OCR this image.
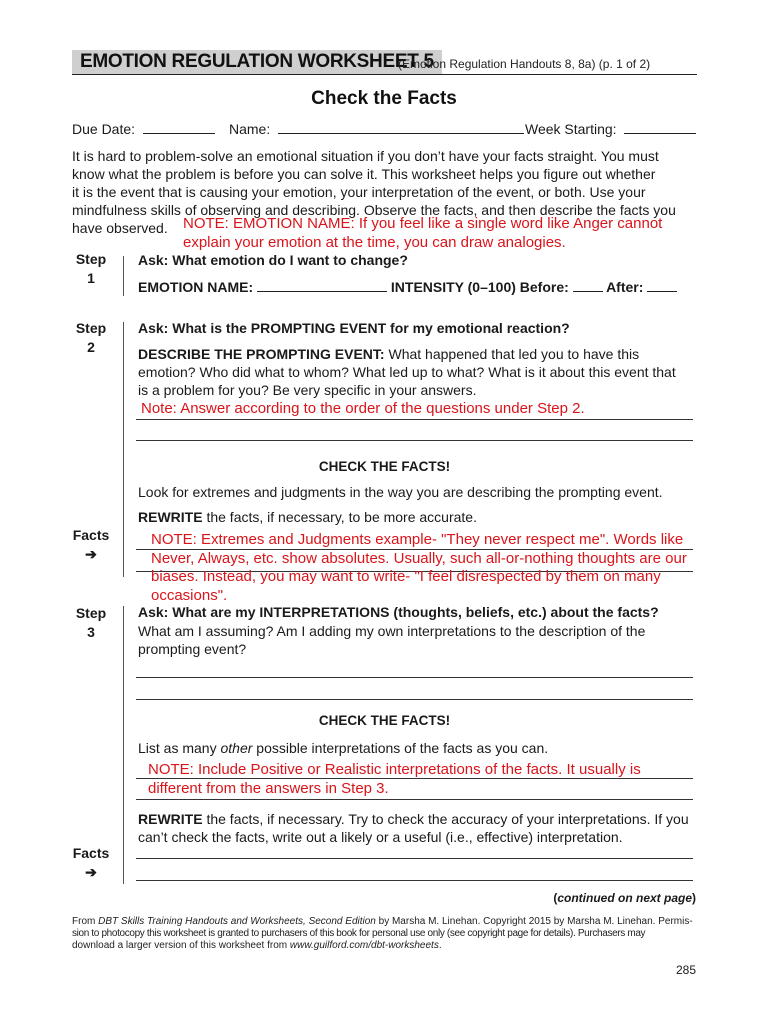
EMOTION REGULATION WORKSHEET 5
(Emotion Regulation Handouts 8, 8a) (p. 1 of 2)
Check the Facts
Due Date:	Name:	Week Starting:
It is hard to problem-solve an emotional situation if you don’t have your facts straight. You must
know what the problem is before you can solve it. This worksheet helps you figure out whether
it is the event that is causing your emotion, your interpretation of the event, or both. Use your
mindfulness skills of observing and describing. Observe the facts, and then describe the facts you
have observed.	NOTE: EMOTION NAME: If you feel like a single word like Anger cannot
explain your emotion at the time, you can draw analogies.
Step
1
Ask: What emotion do I want to change?
EMOTION NAME:	INTENSITY (0–100) Before:	After:
Step
2
Ask: What is the PROMPTING EVENT for my emotional reaction?
DESCRIBE THE PROMPTING EVENT: What happened that led you to have this
emotion? Who did what to whom? What led up to what? What is it about this event that
is a problem for you? Be very specific in your answers.
Note: Answer according to the order of the questions under Step 2.
CHECK THE FACTS!
Look for extremes and judgments in the way you are describing the prompting event.
REWRITE the facts, if necessary, to be more accurate.
Facts
➔
NOTE: Extremes and Judgments example- "They never respect me". Words like
Never, Always, etc. show absolutes. Usually, such all-or-nothing thoughts are our
biases. Instead, you may want to write- "I feel disrespected by them on many
occasions".
Step
3
Ask: What are my INTERPRETATIONS (thoughts, beliefs, etc.) about the facts?
What am I assuming? Am I adding my own interpretations to the description of the
prompting event?
CHECK THE FACTS!
List as many other possible interpretations of the facts as you can.
NOTE: Include Positive or Realistic interpretations of the facts. It usually is
different from the answers in Step 3.
REWRITE the facts, if necessary. Try to check the accuracy of your interpretations. If you
can’t check the facts, write out a likely or a useful (i.e., effective) interpretation.
Facts
➔
(continued on next page)
From DBT Skills Training Handouts and Worksheets, Second Edition by Marsha M. Linehan. Copyright 2015 by Marsha M. Linehan. Permis-
sion to photocopy this worksheet is granted to purchasers of this book for personal use only (see copyright page for details). Purchasers may
download a larger version of this worksheet from www.guilford.com/dbt-worksheets.
285
